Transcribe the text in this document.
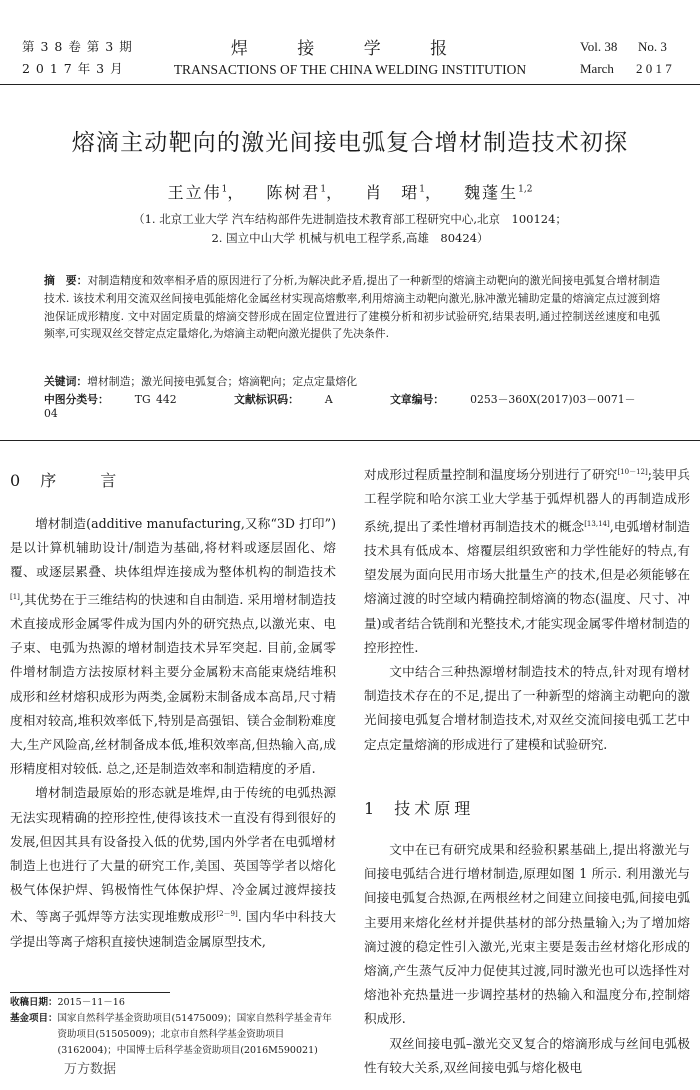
第 3 8 卷 第 3 期
2 0 1 7 年 3 月
焊 接 学 报
TRANSACTIONS OF THE CHINA WELDING INSTITUTION
Vol. 38 No. 3
March 2 0 1 7
熔滴主动靶向的激光间接电弧复合增材制造技术初探
王立伟$^1$， 陈树君$^1$， 肖　珺$^1$， 魏蓬生$^{1,2}$
（1. 北京工业大学 汽车结构部件先进制造技术教育部工程研究中心,北京　100124；
2. 国立中山大学 机械与机电工程学系,高雄　80424）
摘　要：对制造精度和效率相矛盾的原因进行了分析,为解决此矛盾,提出了一种新型的熔滴主动靶向的激光间接电弧复合增材制造技术. 该技术利用交流双丝间接电弧能熔化金属丝材实现高熔敷率,利用熔滴主动靶向激光,脉冲激光辅助定量的熔滴定点过渡到熔池保证成形精度. 文中对固定质量的熔滴交替形成在固定位置进行了建模分析和初步试验研究,结果表明,通过控制送丝速度和电弧频率,可实现双丝交替定点定量熔化,为熔滴主动靶向激光提供了先决条件.
关键词：增材制造；激光间接电弧复合；熔滴靶向；定点定量熔化
中图分类号： TG 442	文献标识码： A	文章编号： 0253－360X(2017)03－0071－04
0 序　　言

增材制造(additive manufacturing,又称“3D 打印”)是以计算机辅助设计/制造为基础,将材料或逐层固化、熔覆、或逐层累叠、块体组焊连接成为整体机构的制造技术[1],其优势在于三维结构的快速和自由制造. 采用增材制造技术直接成形金属零件成为国内外的研究热点,以激光束、电子束、电弧为热源的增材制造技术异军突起. 目前,金属零件增材制造方法按原材料主要分金属粉末高能束烧结堆积成形和丝材熔积成形为两类,金属粉末制备成本高昂,尺寸精度相对较高,堆积效率低下,特别是高强铝、镁合金制粉难度大,生产风险高,丝材制备成本低,堆积效率高,但热输入高,成形精度相对较低. 总之,还是制造效率和制造精度的矛盾.

增材制造最原始的形态就是堆焊,由于传统的电弧热源无法实现精确的控形控性,使得该技术一直没有得到很好的发展,但因其具有设备投入低的优势,国内外学者在电弧增材制造上也进行了大量的研究工作,美国、英国等学者以熔化极气体保护焊、钨极惰性气体保护焊、冷金属过渡焊接技术、等离子弧焊等方法实现堆敷成形[2－9]. 国内华中科技大学提出等离子熔积直接快速制造金属原型技术,

对成形过程质量控制和温度场分别进行了研究[10－12];装甲兵工程学院和哈尔滨工业大学基于弧焊机器人的再制造成形系统,提出了柔性增材再制造技术的概念[13,14],电弧增材制造技术具有低成本、熔覆层组织致密和力学性能好的特点,有望发展为面向民用市场大批量生产的技术,但是必须能够在熔滴过渡的时空域内精确控制熔滴的物态(温度、尺寸、冲量)或者结合铣削和光整技术,才能实现金属零件增材制造的控形控性.

文中结合三种热源增材制造技术的特点,针对现有增材制造技术存在的不足,提出了一种新型的熔滴主动靶向的激光间接电弧复合增材制造技术,对双丝交流间接电弧工艺中定点定量熔滴的形成进行了建模和试验研究.

1 技术原理

文中在已有研究成果和经验积累基础上,提出将激光与间接电弧结合进行增材制造,原理如图 1 所示. 利用激光与间接电弧复合热源,在两根丝材之间建立间接电弧,间接电弧主要用来熔化丝材并提供基材的部分热量输入;为了增加熔滴过渡的稳定性引入激光,光束主要是轰击丝材熔化形成的熔滴,产生蒸气反冲力促使其过渡,同时激光也可以选择性对熔池补充热量进一步调控基材的热输入和温度分布,控制熔积成形.

双丝间接电弧–激光交叉复合的熔滴形成与丝间电弧极性有较大关系,双丝间接电弧与熔化极电

收稿日期：2015－11－16
基金项目： 国家自然科学基金资助项目(51475009)；国家自然科学基金青年资助项目(51505009)；北京市自然科学基金资助项目(3162004)；中国博士后科学基金资助项目(2016M590021)
万方数据
